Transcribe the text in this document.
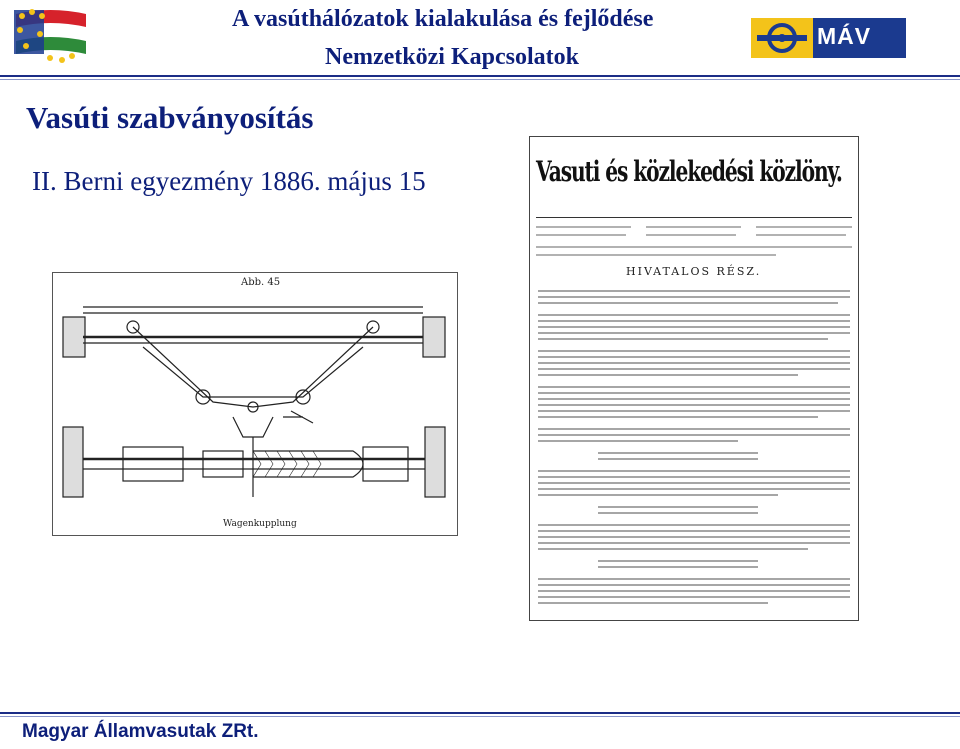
A vasúthálózatok kialakulása és fejlődése
Nemzetközi Kapcsolatok
MÁV
Vasúti szabványosítás
II. Berni egyezmény 1886. május 15
Abb. 45
Wagenkupplung
Vasuti és közlekedési közlöny.
HIVATALOS RÉSZ.
Magyar Államvasutak ZRt.
